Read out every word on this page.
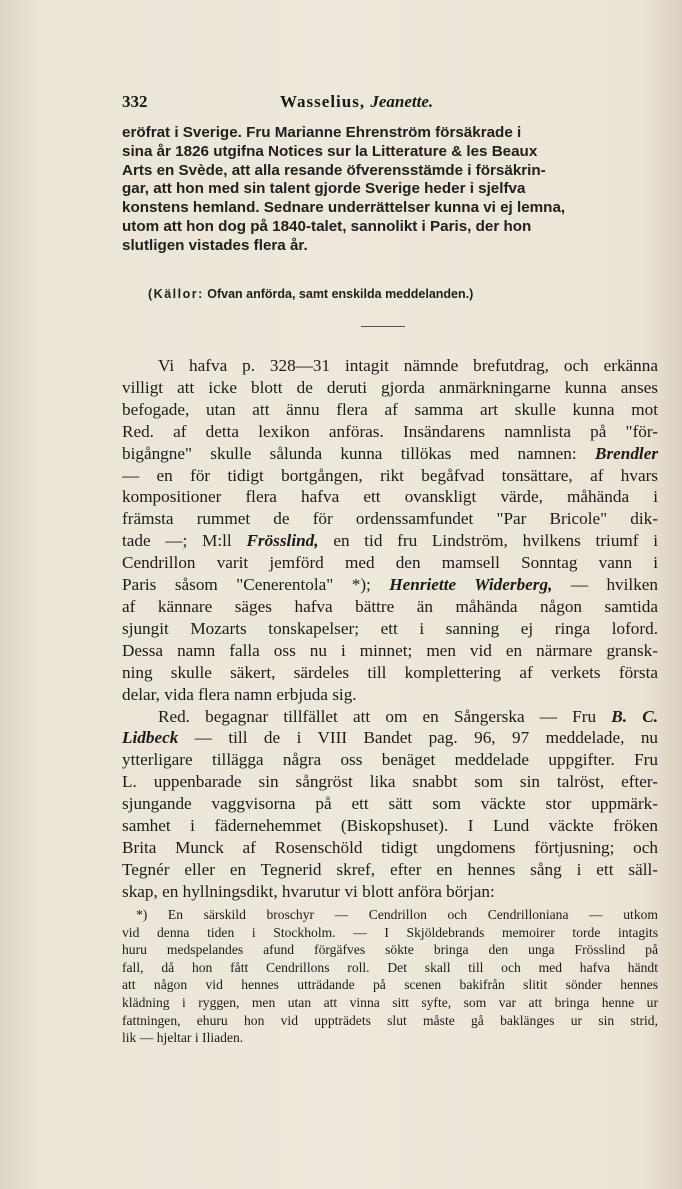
332	Wasselius, Jeanette.
eröfrat i Sverige. Fru Marianne Ehrenström försäkrade i
sina år 1826 utgifna Notices sur la Litterature & les Beaux
Arts en Svède, att alla resande öfverensstämde i försäkrin-
gar, att hon med sin talent gjorde Sverige heder i sjelfva
konstens hemland. Sednare underrättelser kunna vi ej lemna,
utom att hon dog på 1840-talet, sannolikt i Paris, der hon
slutligen vistades flera år.
(Källor: Ofvan anförda, samt enskilda meddelanden.)
Vi hafva p. 328—31 intagit nämnde brefutdrag, och erkänna
villigt att icke blott de deruti gjorda anmärkningarne kunna anses
befogade, utan att ännu flera af samma art skulle kunna mot
Red. af detta lexikon anföras. Insändarens namnlista på "för-
bigångne" skulle sålunda kunna tillökas med namnen: Brendler
— en för tidigt bortgången, rikt begåfvad tonsättare, af hvars
kompositioner flera hafva ett ovanskligt värde, måhända i
främsta rummet de för ordenssamfundet "Par Bricole" dik-
tade —; M:ll Frösslind, en tid fru Lindström, hvilkens triumf i
Cendrillon varit jemförd med den mamsell Sonntag vann i
Paris såsom "Cenerentola" *); Henriette Widerberg, — hvilken
af kännare säges hafva bättre än måhända någon samtida
sjungit Mozarts tonskapelser; ett i sanning ej ringa loford.
Dessa namn falla oss nu i minnet; men vid en närmare gransk-
ning skulle säkert, särdeles till komplettering af verkets första
delar, vida flera namn erbjuda sig.
Red. begagnar tillfället att om en Sångerska — Fru B. C.
Lidbeck — till de i VIII Bandet pag. 96, 97 meddelade, nu
ytterligare tillägga några oss benäget meddelade uppgifter. Fru
L. uppenbarade sin sångröst lika snabbt som sin talröst, efter-
sjungande vaggvisorna på ett sätt som väckte stor uppmärk-
samhet i fädernehemmet (Biskopshuset). I Lund väckte fröken
Brita Munck af Rosenschöld tidigt ungdomens förtjusning; och
Tegnér eller en Tegnerid skref, efter en hennes sång i ett säll-
skap, en hyllningsdikt, hvarutur vi blott anföra början:
*) En särskild broschyr — Cendrillon och Cendrilloniana — utkom
vid denna tiden i Stockholm. — I Skjöldebrands memoirer torde intagits
huru medspelandes afund förgäfves sökte bringa den unga Frösslind på
fall, då hon fått Cendrillons roll. Det skall till och med hafva händt
att någon vid hennes utträdande på scenen bakifrån slitit sönder hennes
klädning i ryggen, men utan att vinna sitt syfte, som var att bringa henne ur
fattningen, ehuru hon vid uppträdets slut måste gå baklänges ur sin strid,
lik — hjeltar i Iliaden.
